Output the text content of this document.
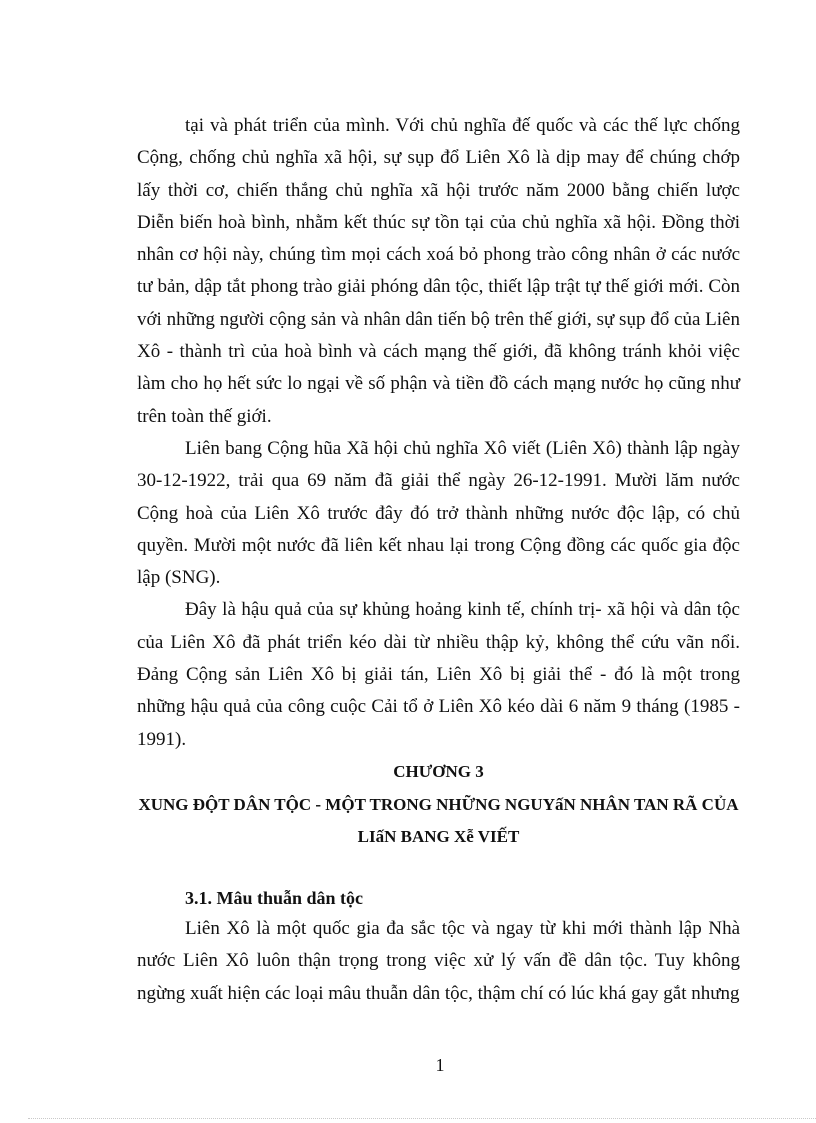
tại và phát triển của mình. Với chủ nghĩa đế quốc và các thế lực chống Cộng, chống chủ nghĩa xã hội, sự sụp đổ Liên Xô là dịp may để chúng chớp lấy thời cơ, chiến thắng chủ nghĩa xã hội trước năm 2000 bằng chiến lược Diễn biến hoà bình, nhằm kết thúc sự tồn tại của chủ nghĩa xã hội. Đồng thời nhân cơ hội này, chúng tìm mọi cách xoá bỏ phong trào công nhân ở các nước tư bản, dập tắt phong trào giải phóng dân tộc, thiết lập trật tự thế giới mới. Còn với những người cộng sản và nhân dân tiến bộ trên thế giới, sự sụp đổ của Liên Xô - thành trì của hoà bình và cách mạng thế giới, đã không tránh khỏi việc làm cho họ hết sức lo ngại về số phận và tiền đồ cách mạng nước họ cũng như trên toàn thế giới.

Liên bang Cộng hũa Xã hội chủ nghĩa Xô viết (Liên Xô) thành lập ngày 30-12-1922, trải qua 69 năm đã giải thể ngày 26-12-1991. Mười lăm nước Cộng hoà của Liên Xô trước đây đó trở thành những nước độc lập, có chủ quyền. Mười một nước đã liên kết nhau lại trong Cộng đồng các quốc gia độc lập (SNG).

Đây là hậu quả của sự khủng hoảng kinh tế, chính trị- xã hội và dân tộc của Liên Xô đã phát triển kéo dài từ nhiều thập kỷ, không thể cứu vãn nổi. Đảng Cộng sản Liên Xô bị giải tán, Liên Xô bị giải thể - đó là một trong những hậu quả của công cuộc Cải tổ ở Liên Xô kéo dài 6 năm 9 tháng (1985 - 1991).

CHƯƠNG 3
XUNG ĐỘT DÂN TỘC - MỘT TRONG NHỮNG NGUYấN NHÂN TAN RÃ CỦA LIấN BANG Xễ VIẾT

3.1. Mâu thuẫn dân tộc

Liên Xô là một quốc gia đa sắc tộc và ngay từ khi mới thành lập Nhà nước Liên Xô luôn thận trọng trong việc xử lý vấn đề dân tộc. Tuy không ngừng xuất hiện các loại mâu thuẫn dân tộc, thậm chí có lúc khá gay gắt nhưng

1
